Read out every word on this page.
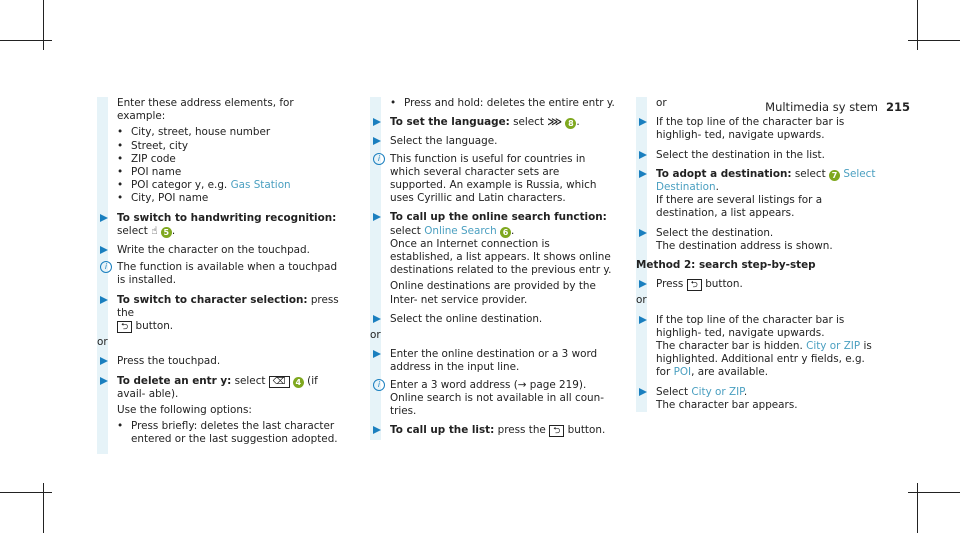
Multimedia sy stem 215

Enter these address elements, for example:

• City, street, house number

• Street, city

• ZIP code

• POI name

• POI categor y, e.g. Gas Station

• City, POI name

To switch to handwriting recognition:
select ☝ 5 .
Write the character on the touchpad.
i The function is available when a touchpad is installed.
To switch to character selection: press the
⮌ button.
or
Press the touchpad.
To delete an entr y: select ⌫ 4 (if avail- able).

Use the following options:

• Press briefly: deletes the last character entered or the last suggestion adopted.

• Press and hold: deletes the entire entr y.

To set the language: select ⋙ 8 .
Select the language.
i This function is useful for countries in which several character sets are supported. An example is Russia, which uses Cyrillic and Latin characters.
To call up the online search function:
select Online Search 6 .
Once an Internet connection is established, a list appears. It shows online destinations related to the previous entr y.

Online destinations are provided by the Inter- net service provider.

Select the online destination.
or
Enter the online destination or a 3 word address in the input line.
i Enter a 3 word address (→ page 219). Online search is not available in all coun- tries.
To call up the list: press the ⮌ button.
or
If the top line of the character bar is highligh- ted, navigate upwards.
Select the destination in the list.
To adopt a destination: select 7 Select Destination.
If there are several listings for a destination, a list appears.
Select the destination.
The destination address is shown.
Method 2: search step-by-step
Press ⮌ button.
or
If the top line of the character bar is highligh- ted, navigate upwards.
The character bar is hidden. City or ZIP is highlighted. Additional entr y fields, e.g. for POI, are available.
Select City or ZIP.
The character bar appears.
